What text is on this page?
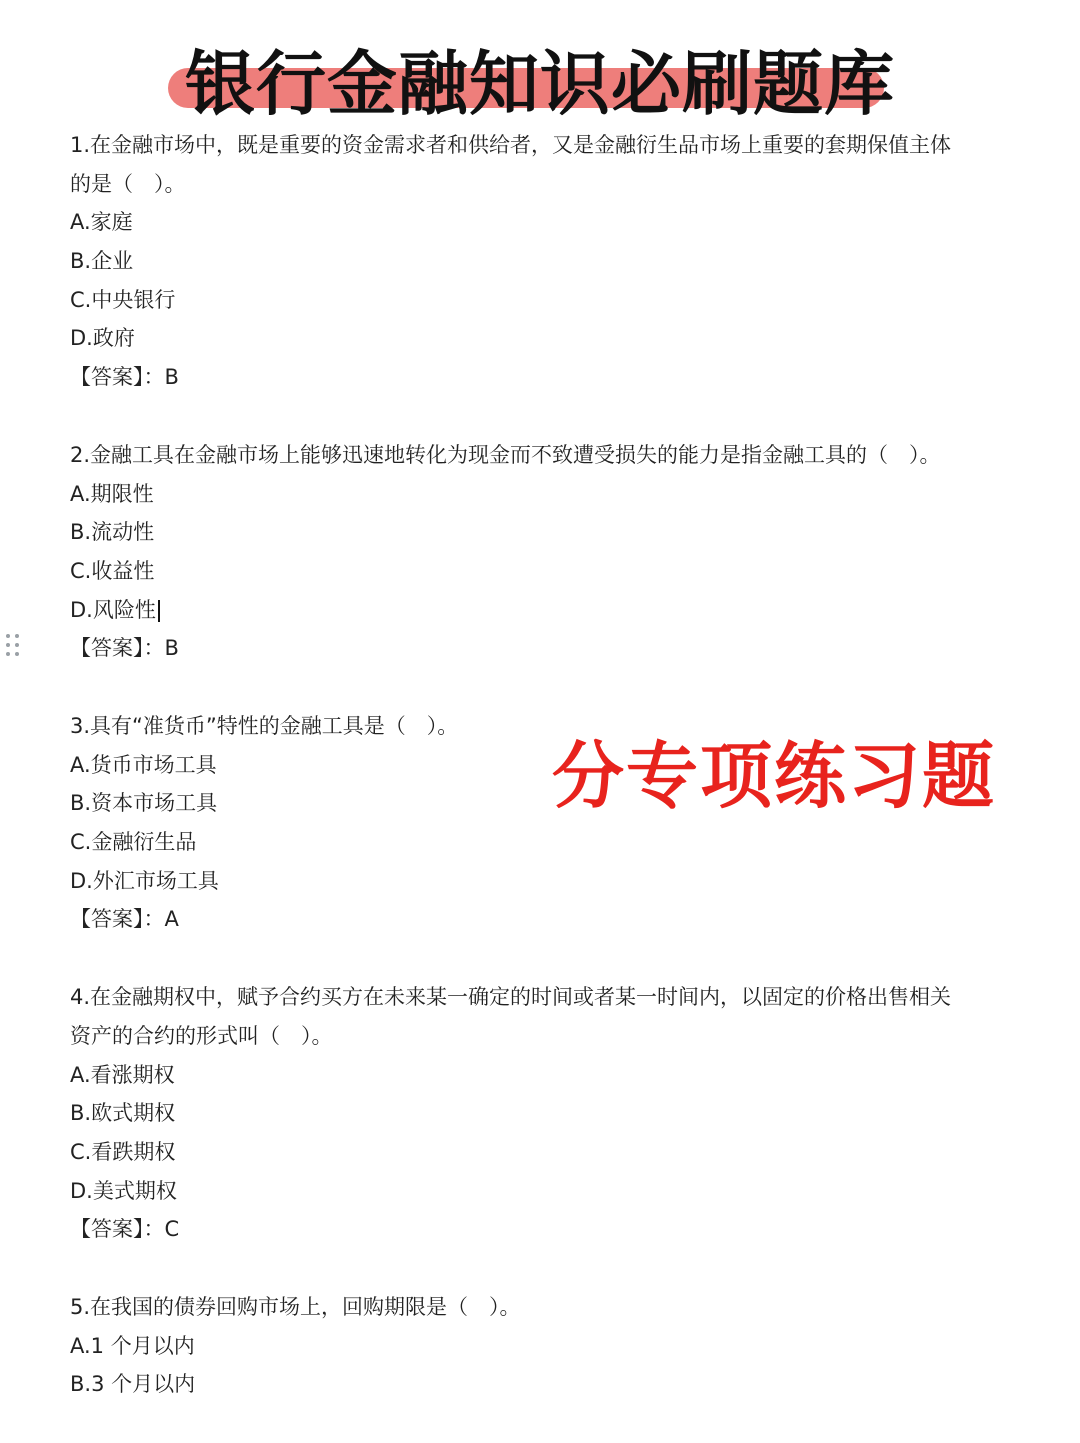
银行金融知识必刷题库
1.在金融市场中，既是重要的资金需求者和供给者，又是金融衍生品市场上重要的套期保值主体的是（　）。
A.家庭
B.企业
C.中央银行
D.政府
【答案】：B
2.金融工具在金融市场上能够迅速地转化为现金而不致遭受损失的能力是指金融工具的（　）。
A.期限性
B.流动性
C.收益性
D.风险性
【答案】：B
3.具有“准货币”特性的金融工具是（　）。
A.货币市场工具
B.资本市场工具
C.金融衍生品
D.外汇市场工具
【答案】：A
4.在金融期权中，赋予合约买方在未来某一确定的时间或者某一时间内，以固定的价格出售相关资产的合约的形式叫（　）。
A.看涨期权
B.欧式期权
C.看跌期权
D.美式期权
【答案】：C
5.在我国的债券回购市场上，回购期限是（　）。
A.1 个月以内
B.3 个月以内
分专项练习题
